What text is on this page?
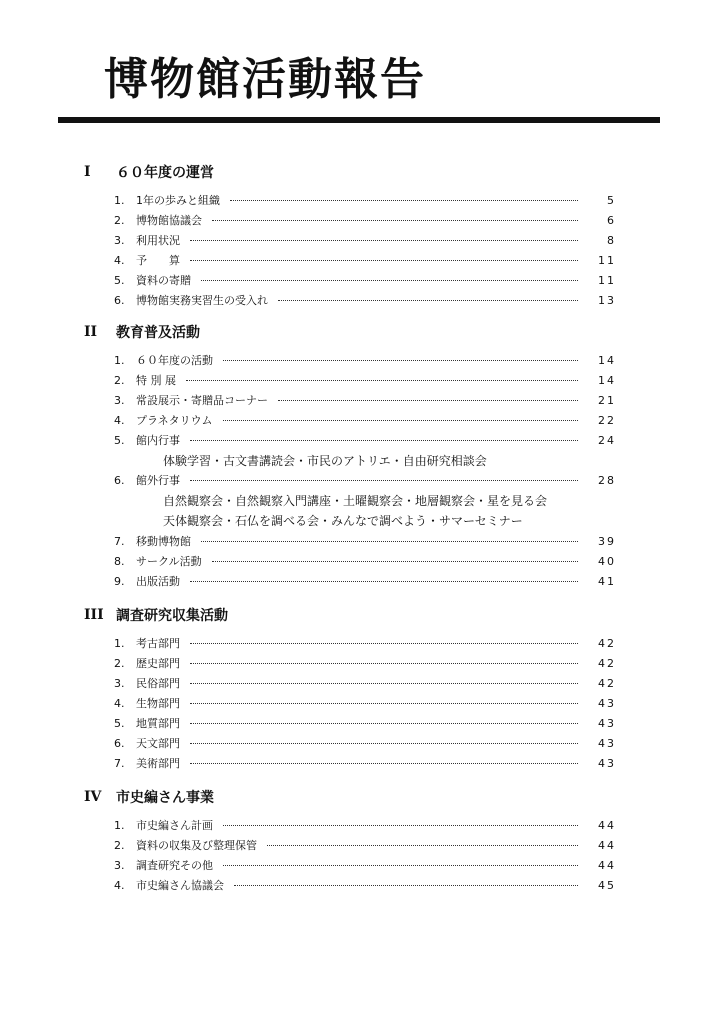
博物館活動報告
I	６０年度の運営
1.	1年の歩みと組織	5
2.	博物館協議会	6
3.	利用状況	8
4.	予　　算	11
5.	資料の寄贈	11
6.	博物館実務実習生の受入れ	13
II	教育普及活動
1.	６０年度の活動	14
2.	特 別 展	14
3.	常設展示・寄贈品コーナー	21
4.	プラネタリウム	22
5.	館内行事	24
体験学習・古文書講読会・市民のアトリエ・自由研究相談会
6.	館外行事	28
自然観察会・自然観察入門講座・土曜観察会・地層観察会・星を見る会
天体観察会・石仏を調べる会・みんなで調べよう・サマーセミナー
7.	移動博物館	39
8.	サークル活動	40
9.	出版活動	41
III 調査研究収集活動
1.	考古部門	42
2.	歴史部門	42
3.	民俗部門	42
4.	生物部門	43
5.	地質部門	43
6.	天文部門	43
7.	美術部門	43
IV	市史編さん事業
1.	市史編さん計画	44
2.	資料の収集及び整理保管	44
3.	調査研究その他	44
4.	市史編さん協議会	45
